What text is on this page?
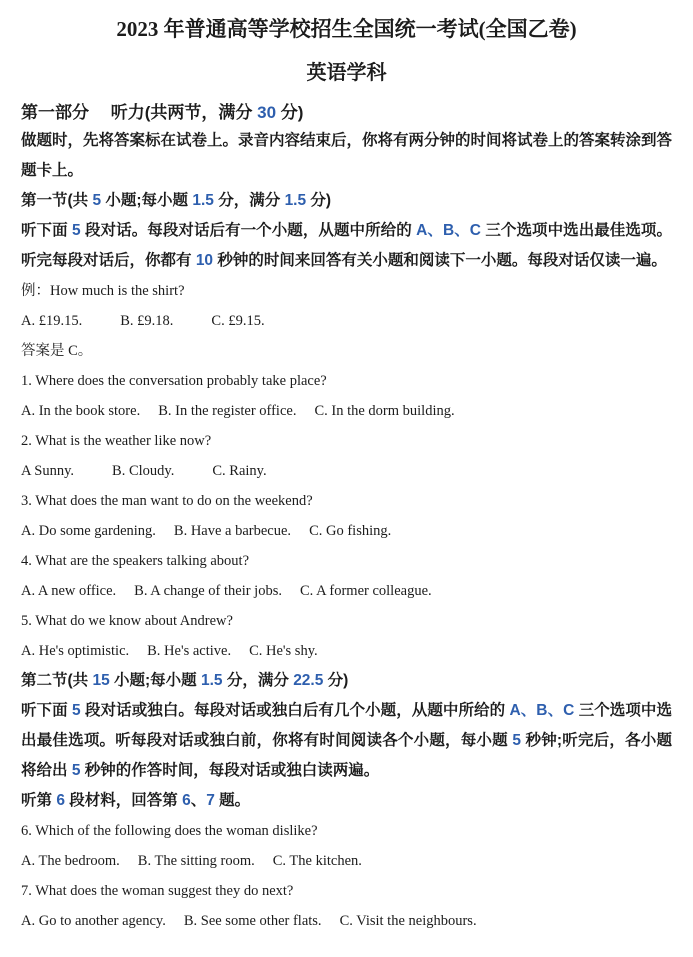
2023 年普通高等学校招生全国统一考试(全国乙卷)
英语学科

第一部分　 听力(共两节，满分 30 分)

做题时，先将答案标在试卷上。录音内容结束后，你将有两分钟的时间将试卷上的答案转涂到答题卡上。

第一节(共 5 小题;每小题 1.5 分，满分 1.5 分)

听下面 5 段对话。每段对话后有一个小题，从题中所给的 A、B、C 三个选项中选出最佳选项。听完每段对话后，你都有 10 秒钟的时间来回答有关小题和阅读下一小题。每段对话仅读一遍。

例：How much is the shirt?

A. £19.15.	B. £9.18.	C. £9.15.

答案是 C。

1. Where does the conversation probably take place?

A. In the book store. B. In the register office. C. In the dorm building.

2. What is the weather like now?

A Sunny.	B. Cloudy.	C. Rainy.

3. What does the man want to do on the weekend?

A. Do some gardening. B. Have a barbecue. C. Go fishing.

4. What are the speakers talking about?

A. A new office. B. A change of their jobs. C. A former colleague.

5. What do we know about Andrew?

A. He's optimistic. B. He's active. C. He's shy.

第二节(共 15 小题;每小题 1.5 分，满分 22.5 分)

听下面 5 段对话或独白。每段对话或独白后有几个小题，从题中所给的 A、B、C 三个选项中选出最佳选项。听每段对话或独白前，你将有时间阅读各个小题，每小题 5 秒钟;听完后，各小题将给出 5 秒钟的作答时间，每段对话或独白读两遍。

听第 6 段材料，回答第 6、7 题。

6. Which of the following does the woman dislike?

A. The bedroom. B. The sitting room. C. The kitchen.

7. What does the woman suggest they do next?

A. Go to another agency. B. See some other flats. C. Visit the neighbours.
